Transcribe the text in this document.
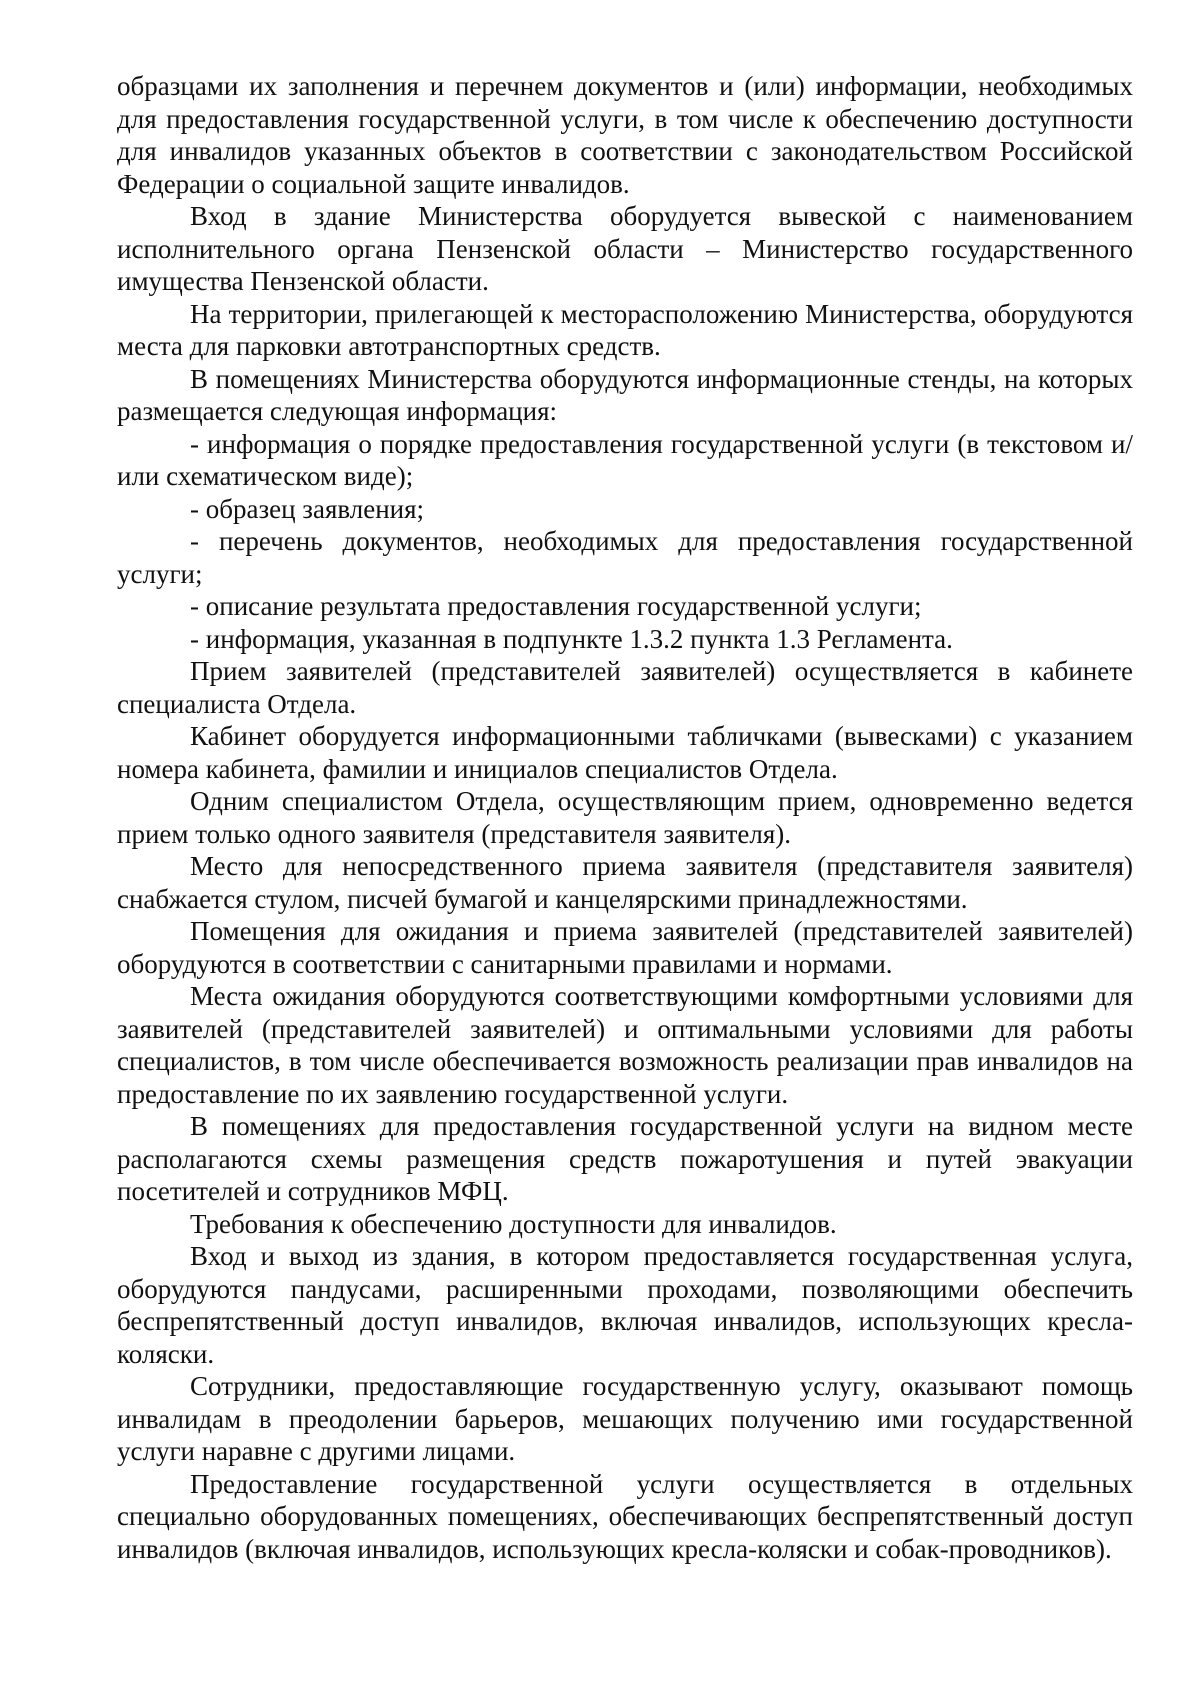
образцами их заполнения и перечнем документов и (или) информации, необходимых для предоставления государственной услуги, в том числе к обеспечению доступности для инвалидов указанных объектов в соответствии с законодательством Российской Федерации о социальной защите инвалидов.

Вход в здание Министерства оборудуется вывеской с наименованием исполнительного органа Пензенской области – Министерство государственного имущества Пензенской области.

На территории, прилегающей к месторасположению Министерства, оборудуются места для парковки автотранспортных средств.

В помещениях Министерства оборудуются информационные стенды, на которых размещается следующая информация:

- информация о порядке предоставления государственной услуги (в текстовом и/или схематическом виде);

- образец заявления;

- перечень документов, необходимых для предоставления государственной услуги;

- описание результата предоставления государственной услуги;

- информация, указанная в подпункте 1.3.2 пункта 1.3 Регламента.

Прием заявителей (представителей заявителей) осуществляется в кабинете специалиста Отдела.

Кабинет оборудуется информационными табличками (вывесками) с указанием номера кабинета, фамилии и инициалов специалистов Отдела.

Одним специалистом Отдела, осуществляющим прием, одновременно ведется прием только одного заявителя (представителя заявителя).

Место для непосредственного приема заявителя (представителя заявителя) снабжается стулом, писчей бумагой и канцелярскими принадлежностями.

Помещения для ожидания и приема заявителей (представителей заявителей) оборудуются в соответствии с санитарными правилами и нормами.

Места ожидания оборудуются соответствующими комфортными условиями для заявителей (представителей заявителей) и оптимальными условиями для работы специалистов, в том числе обеспечивается возможность реализации прав инвалидов на предоставление по их заявлению государственной услуги.

В помещениях для предоставления государственной услуги на видном месте располагаются схемы размещения средств пожаротушения и путей эвакуации посетителей и сотрудников МФЦ.

Требования к обеспечению доступности для инвалидов.

Вход и выход из здания, в котором предоставляется государственная услуга, оборудуются пандусами, расширенными проходами, позволяющими обеспечить беспрепятственный доступ инвалидов, включая инвалидов, использующих кресла-коляски.

Сотрудники, предоставляющие государственную услугу, оказывают помощь инвалидам в преодолении барьеров, мешающих получению ими государственной услуги наравне с другими лицами.

Предоставление государственной услуги осуществляется в отдельных специально оборудованных помещениях, обеспечивающих беспрепятственный доступ инвалидов (включая инвалидов, использующих кресла-коляски и собак-проводников).
